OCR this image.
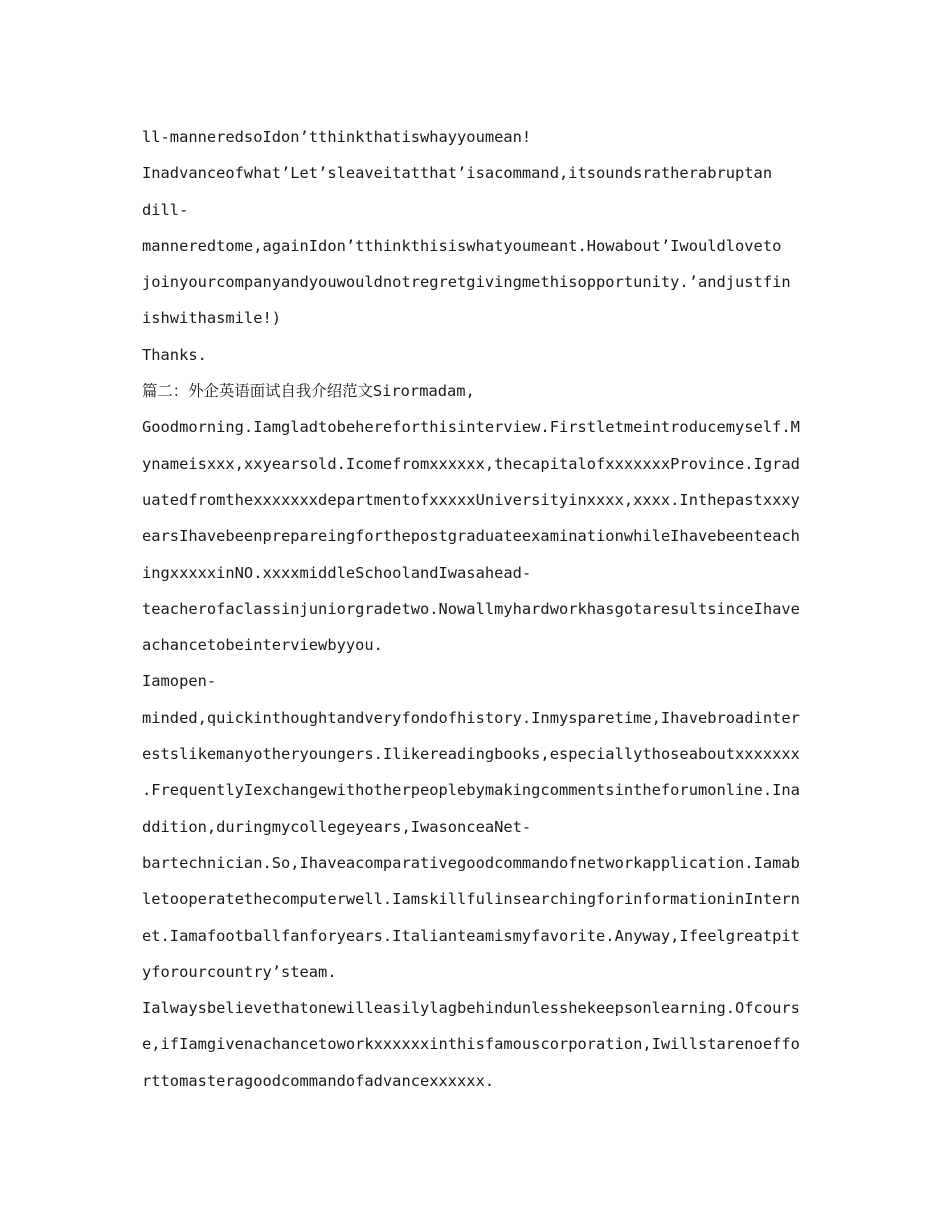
ll-manneredsoIdon’tthinkthatiswhayyoumean!
Inadvanceofwhat’Let’sleaveitatthat’isacommand,itsoundsratherabruptan
dill-
manneredtome,againIdon’tthinkthisiswhatyoumeant.Howabout’Iwouldloveto
joinyourcompanyandyouwouldnotregretgivingmethisopportunity.’andjustfin
ishwithasmile!)
Thanks.
篇二：外企英语面试自我介绍范文Sirormadam,
Goodmorning.Iamgladtobehereforthisinterview.Firstletmeintroducemyself.M
ynameisxxx,xxyearsold.Icomefromxxxxxx,thecapitalofxxxxxxxProvince.Igrad
uatedfromthexxxxxxxdepartmentofxxxxxUniversityinxxxx,xxxx.Inthepastxxxy
earsIhavebeenprepareingforthepostgraduateexaminationwhileIhavebeenteach
ingxxxxxinNO.xxxxmiddleSchoolandIwasahead-
teacherofaclassinjuniorgradetwo.NowallmyhardworkhasgotaresultsinceIhave
achancetobeinterviewbyyou.
Iamopen-
minded,quickinthoughtandveryfondofhistory.Inmysparetime,Ihavebroadinter
estslikemanyotheryoungers.Ilikereadingbooks,especiallythoseaboutxxxxxxx
.FrequentlyIexchangewithotherpeoplebymakingcommentsintheforumonline.Ina
ddition,duringmycollegeyears,IwasonceaNet-
bartechnician.So,Ihaveacomparativegoodcommandofnetworkapplication.Iamab
letooperatethecomputerwell.IamskillfulinsearchingforinformationinIntern
et.Iamafootballfanforyears.Italianteamismyfavorite.Anyway,Ifeelgreatpit
yforourcountry’steam.
Ialwaysbelievethatonewilleasilylagbehindunlesshekeepsonlearning.Ofcours
e,ifIamgivenachancetoworkxxxxxxinthisfamouscorporation,Iwillstarenoeffo
rttomasteragoodcommandofadvancexxxxxx.
